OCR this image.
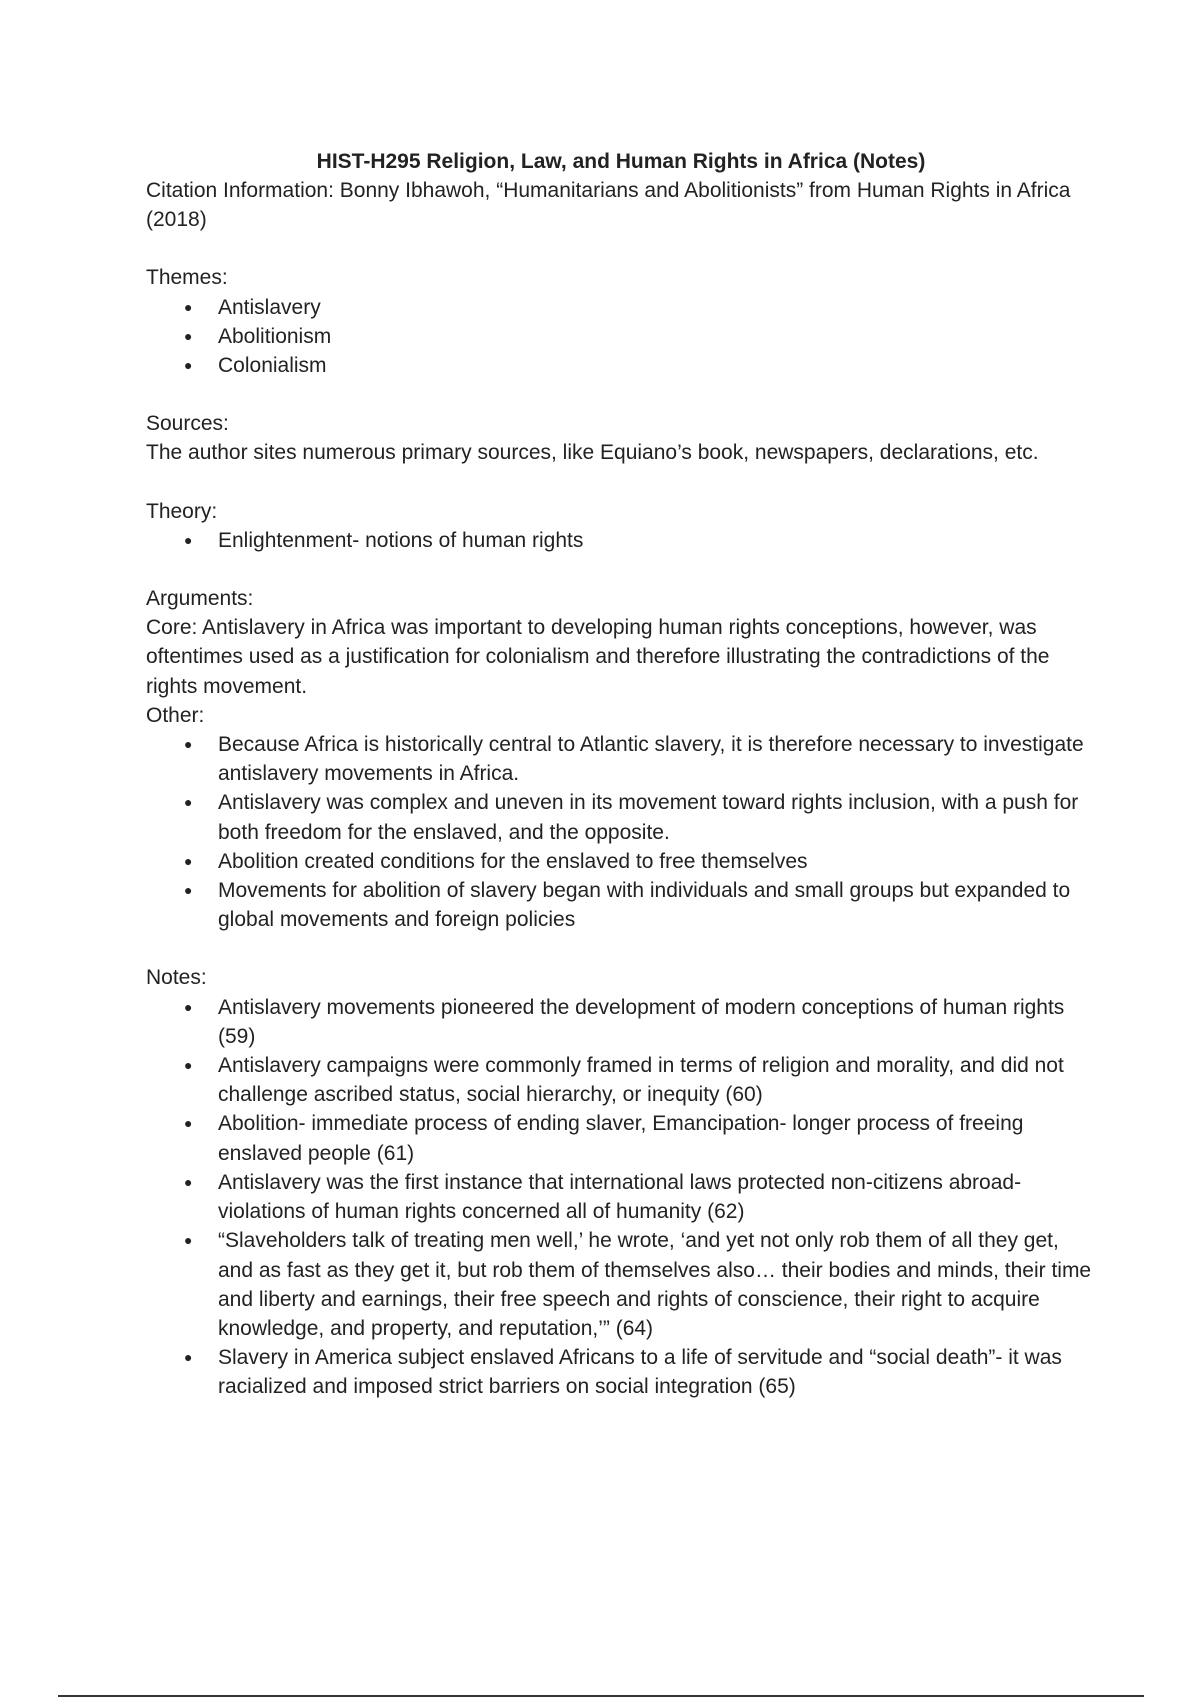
HIST-H295 Religion, Law, and Human Rights in Africa (Notes)

Citation Information: Bonny Ibhawoh, “Humanitarians and Abolitionists” from Human Rights in Africa (2018)

Themes:

● Antislavery
● Abolitionism
● Colonialism

Sources:

The author sites numerous primary sources, like Equiano’s book, newspapers, declarations, etc.

Theory:

● Enlightenment- notions of human rights

Arguments:

Core: Antislavery in Africa was important to developing human rights conceptions, however, was oftentimes used as a justification for colonialism and therefore illustrating the contradictions of the rights movement.

Other:

● Because Africa is historically central to Atlantic slavery, it is therefore necessary to investigate antislavery movements in Africa.
● Antislavery was complex and uneven in its movement toward rights inclusion, with a push for both freedom for the enslaved, and the opposite.
● Abolition created conditions for the enslaved to free themselves
● Movements for abolition of slavery began with individuals and small groups but expanded to global movements and foreign policies

Notes:

● Antislavery movements pioneered the development of modern conceptions of human rights (59)
● Antislavery campaigns were commonly framed in terms of religion and morality, and did not challenge ascribed status, social hierarchy, or inequity (60)
● Abolition- immediate process of ending slaver, Emancipation- longer process of freeing enslaved people (61)
● Antislavery was the first instance that international laws protected non-citizens abroad- violations of human rights concerned all of humanity (62)
● “Slaveholders talk of treating men well,’ he wrote, ‘and yet not only rob them of all they get, and as fast as they get it, but rob them of themselves also… their bodies and minds, their time and liberty and earnings, their free speech and rights of conscience, their right to acquire knowledge, and property, and reputation,’” (64)
● Slavery in America subject enslaved Africans to a life of servitude and “social death”- it was racialized and imposed strict barriers on social integration (65)
